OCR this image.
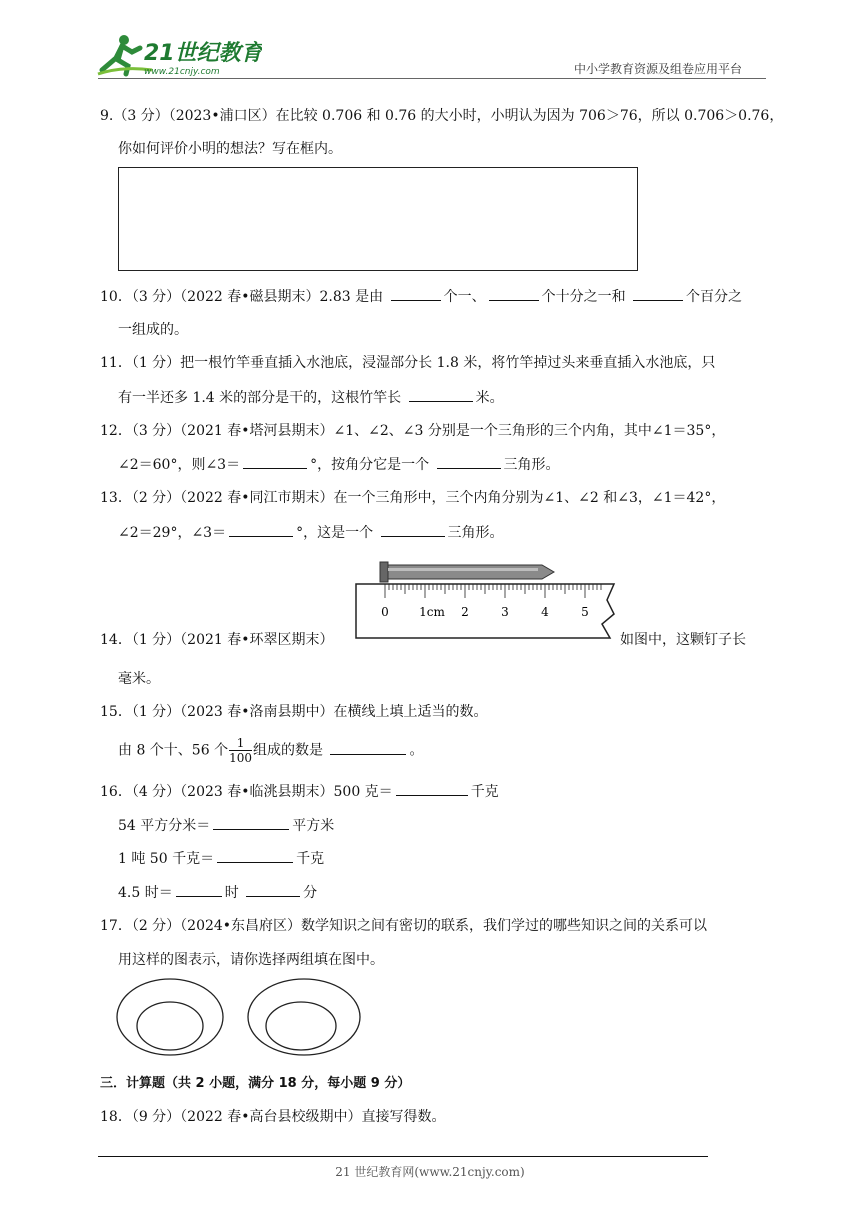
21世纪教育
www.21cnjy.com	中小学教育资源及组卷应用平台
9.（3 分）（2023•浦口区）在比较 0.706 和 0.76 的大小时，小明认为因为 706＞76，所以 0.706＞0.76，
你如何评价小明的想法？写在框内。
10．（3 分）（2022 春•磁县期末）2.83 是由	个一、	个十分之一和	个百分之
一组成的。
11．（1 分）把一根竹竿垂直插入水池底，浸湿部分长 1.8 米，将竹竿掉过头来垂直插入水池底，只
有一半还多 1.4 米的部分是干的，这根竹竿长	米。
12．（3 分）（2021 春•塔河县期末）∠1、∠2、∠3 分别是一个三角形的三个内角，其中∠1＝35°，
∠2＝60°，则∠3＝	°，按角分它是一个	三角形。
13．（2 分）（2022 春•同江市期末）在一个三角形中，三个内角分别为∠1、∠2 和∠3，∠1＝42°，
∠2＝29°，∠3＝	°，这是一个	三角形。
14．（1 分）（2021 春•环翠区期末）	如图中，这颗钉子长
毫米。
0	1cm 2	3	4	5
15．（1 分）（2023 春•洛南县期中）在横线上填上适当的数。
由 8 个十、56 个 $\frac{1}{100}$ 组成的数是	。
16．（4 分）（2023 春•临洮县期末）500 克＝	千克
54 平方分米＝	平方米
1 吨 50 千克＝	千克
4.5 时＝	时	分
17．（2 分）（2024•东昌府区）数学知识之间有密切的联系，我们学过的哪些知识之间的关系可以
用这样的图表示，请你选择两组填在图中。
三．计算题（共 2 小题，满分 18 分，每小题 9 分）
18．（9 分）（2022 春•高台县校级期中）直接写得数。
21 世纪教育网(www.21cnjy.com)
